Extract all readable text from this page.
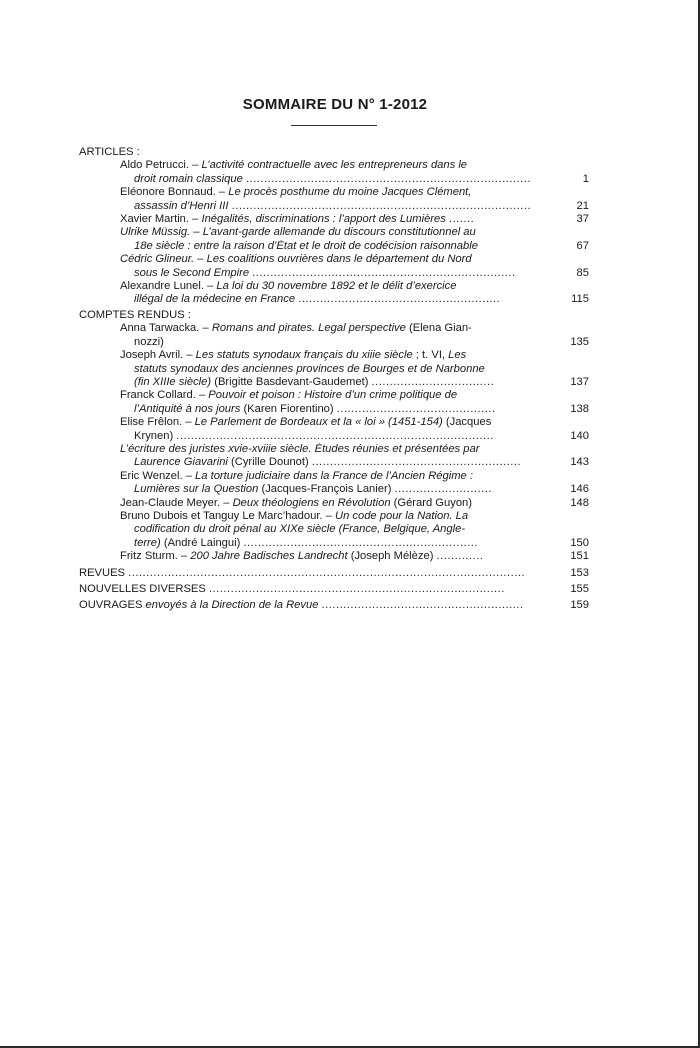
SOMMAIRE DU N° 1-2012
ARTICLES :
Aldo Petrucci. – L’activité contractuelle avec les entrepreneurs dans le
droit romain classique ...............................................................................	1
Eléonore Bonnaud. – Le procès posthume du moine Jacques Clément,
assassin d’Henri III ...................................................................................	21
Xavier Martin. – Inégalités, discriminations : l’apport des Lumières .......	37
Ulrike Müssig. – L’avant-garde allemande du discours constitutionnel au
18e siècle : entre la raison d’État et le droit de codécision raisonnable	67
Cédric Glineur. – Les coalitions ouvrières dans le département du Nord
sous le Second Empire .........................................................................	85
Alexandre Lunel. – La loi du 30 novembre 1892 et le délit d’exercice
illégal de la médecine en France ........................................................	115
COMPTES RENDUS :
Anna Tarwacka. – Romans and pirates. Legal perspective (Elena Gian-
nozzi)	135
Joseph Avril. – Les statuts synodaux français du xiiie siècle ; t. VI, Les
statuts synodaux des anciennes provinces de Bourges et de Narbonne
(fin XIIIe siècle) (Brigitte Basdevant-Gaudemet) ..................................	137
Franck Collard. – Pouvoir et poison : Histoire d’un crime politique de
l’Antiquité à nos jours (Karen Fiorentino) ............................................	138
Elise Frêlon. – Le Parlement de Bordeaux et la « loi » (1451-154) (Jacques
Krynen) ........................................................................................	140
L’écriture des juristes xvie-xviiie siècle. Études réunies et présentées par
Laurence Giavarini (Cyrille Dounot) ..........................................................	143
Eric Wenzel. – La torture judiciaire dans la France de l’Ancien Régime :
Lumières sur la Question (Jacques-François Lanier) ...........................	146
Jean-Claude Meyer. – Deux théologiens en Révolution (Gérard Guyon)	148
Bruno Dubois et Tanguy Le Marc’hadour. – Un code pour la Nation. La
codification du droit pénal au XIXe siècle (France, Belgique, Angle-
terre) (André Laingui) .................................................................	150
Fritz Sturm. – 200 Jahre Badisches Landrecht (Joseph Mélèze) .............	151
REVUES ..............................................................................................................	153
NOUVELLES DIVERSES ..................................................................................	155
OUVRAGES envoyés à la Direction de la Revue ........................................................	159
